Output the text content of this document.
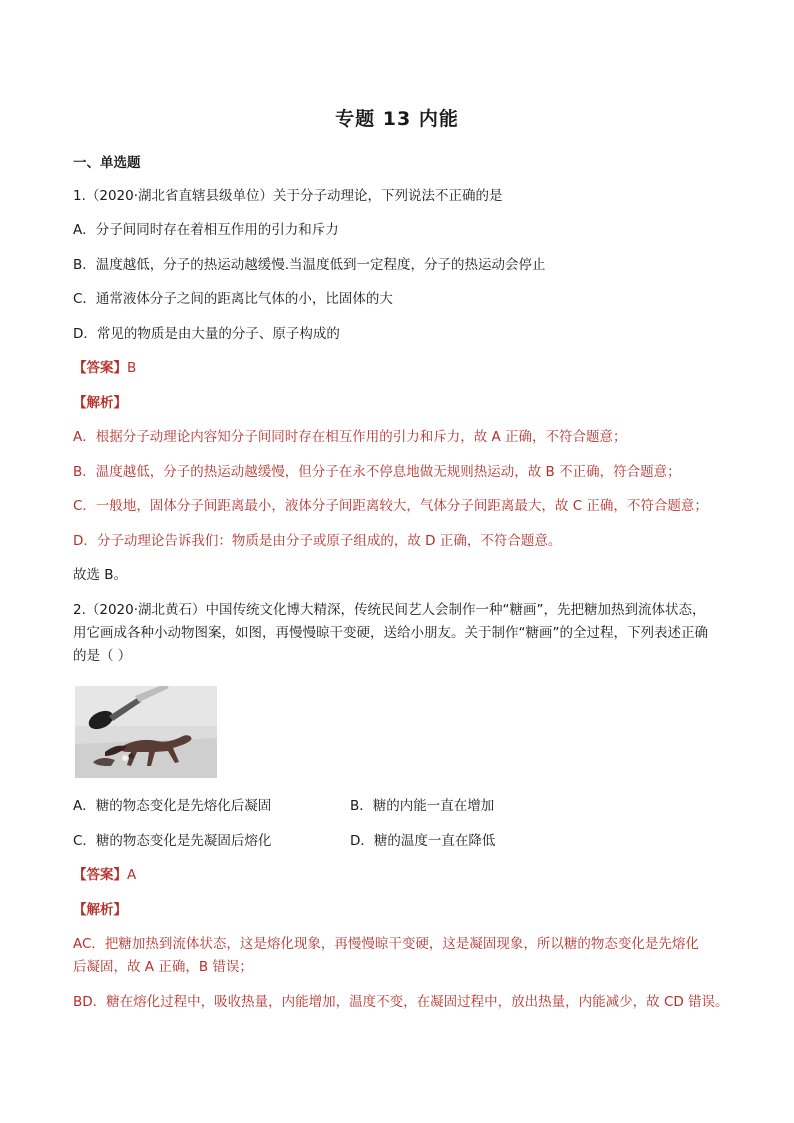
专题 13 内能
一、单选题
1.（2020·湖北省直辖县级单位）关于分子动理论，下列说法不正确的是
A．分子间同时存在着相互作用的引力和斥力
B．温度越低，分子的热运动越缓慢.当温度低到一定程度，分子的热运动会停止
C．通常液体分子之间的距离比气体的小，比固体的大
D．常见的物质是由大量的分子、原子构成的
【答案】B
【解析】
A．根据分子动理论内容知分子间同时存在相互作用的引力和斥力，故 A 正确，不符合题意；
B．温度越低，分子的热运动越缓慢，但分子在永不停息地做无规则热运动，故 B 不正确，符合题意；
C．一般地，固体分子间距离最小，液体分子间距离较大，气体分子间距离最大，故 C 正确，不符合题意；
D．分子动理论告诉我们：物质是由分子或原子组成的，故 D 正确，不符合题意。
故选 B。
2.（2020·湖北黄石）中国传统文化博大精深，传统民间艺人会制作一种“糖画”，先把糖加热到流体状态，
用它画成各种小动物图案，如图，再慢慢晾干变硬，送给小朋友。关于制作“糖画”的全过程，下列表述正确
的是（ ）
A．糖的物态变化是先熔化后凝固	B．糖的内能一直在增加
C．糖的物态变化是先凝固后熔化	D．糖的温度一直在降低
【答案】A
【解析】
AC．把糖加热到流体状态，这是熔化现象，再慢慢晾干变硬，这是凝固现象，所以糖的物态变化是先熔化
后凝固，故 A 正确，B 错误；
BD．糖在熔化过程中，吸收热量，内能增加，温度不变，在凝固过程中，放出热量，内能减少，故 CD 错误。
